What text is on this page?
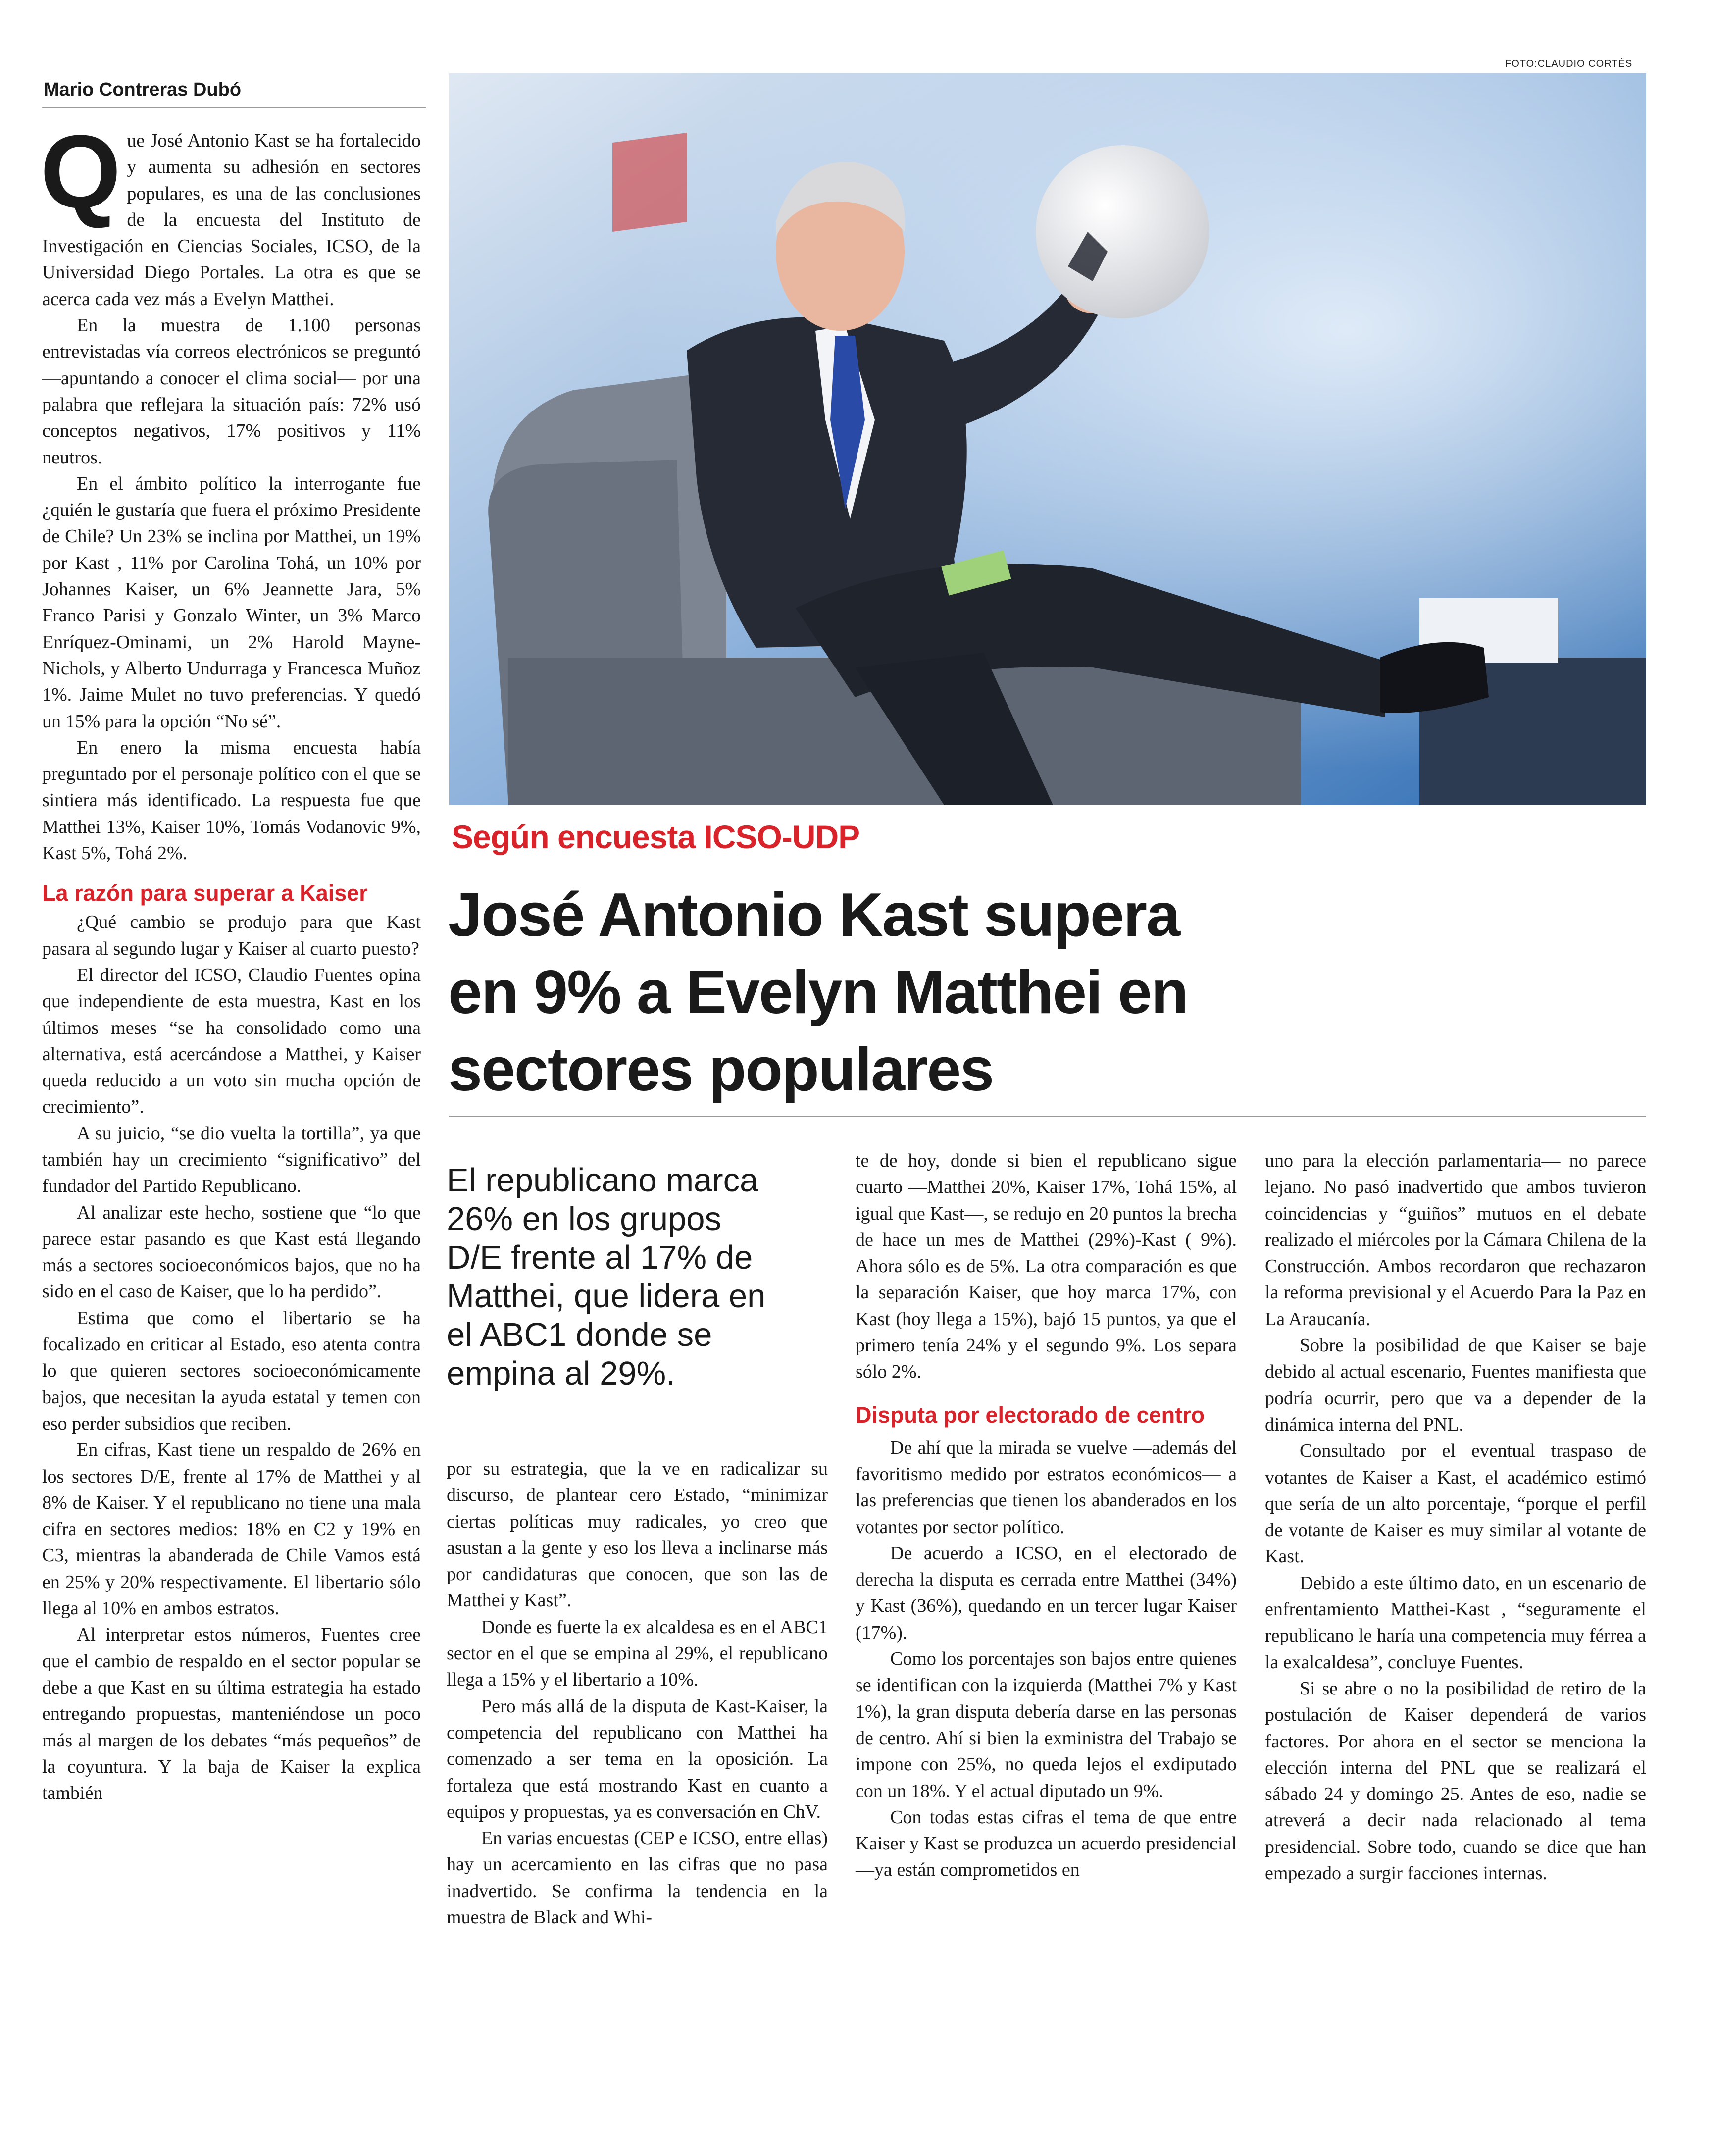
Mario Contreras Dubó
FOTO:CLAUDIO CORTÉS
Según encuesta ICSO-UDP
José Antonio Kast supera
en 9% a Evelyn Matthei en
sectores populares
El republicano marca 26% en los grupos D/E frente al 17% de Matthei, que lidera en el ABC1 donde se empina al 29%.

Que José Antonio Kast se ha fortalecido y aumenta su adhesión en sectores populares, es una de las conclusiones de la encuesta del Instituto de Investigación en Ciencias Sociales, ICSO, de la Universidad Diego Portales. La otra es que se acerca cada vez más a Evelyn Matthei.

En la muestra de 1.100 personas entrevistadas vía correos electrónicos se preguntó —apuntando a conocer el clima social— por una palabra que reflejara la situación país: 72% usó conceptos negativos, 17% positivos y 11% neutros.

En el ámbito político la interrogante fue ¿quién le gustaría que fuera el próximo Presidente de Chile? Un 23% se inclina por Matthei, un 19% por Kast , 11% por Carolina Tohá, un 10% por Johannes Kaiser, un 6% Jeannette Jara, 5% Franco Parisi y Gonzalo Winter, un 3% Marco Enríquez-Ominami, un 2% Harold Mayne-Nichols, y Alberto Undurraga y Francesca Muñoz 1%. Jaime Mulet no tuvo preferencias. Y quedó un 15% para la opción “No sé”.

En enero la misma encuesta había preguntado por el personaje político con el que se sintiera más identificado. La respuesta fue que Matthei 13%, Kaiser 10%, Tomás Vodanovic 9%, Kast 5%, Tohá 2%.

La razón para superar a Kaiser

¿Qué cambio se produjo para que Kast pasara al segundo lugar y Kaiser al cuarto puesto?

El director del ICSO, Claudio Fuentes opina que independiente de esta muestra, Kast en los últimos meses “se ha consolidado como una alternativa, está acercándose a Matthei, y Kaiser queda reducido a un voto sin mucha opción de crecimiento”.

A su juicio, “se dio vuelta la tortilla”, ya que también hay un crecimiento “significativo” del fundador del Partido Republicano.

Al analizar este hecho, sostiene que “lo que parece estar pasando es que Kast está llegando más a sectores socioeconómicos bajos, que no ha sido en el caso de Kaiser, que lo ha perdido”.

Estima que como el libertario se ha focalizado en criticar al Estado, eso atenta contra lo que quieren sectores socioeconómicamente bajos, que necesitan la ayuda estatal y temen con eso perder subsidios que reciben.

En cifras, Kast tiene un respaldo de 26% en los sectores D/E, frente al 17% de Matthei y al 8% de Kaiser. Y el republicano no tiene una mala cifra en sectores medios: 18% en C2 y 19% en C3, mientras la abanderada de Chile Vamos está en 25% y 20% respectivamente. El libertario sólo llega al 10% en ambos estratos.

Al interpretar estos números, Fuentes cree que el cambio de respaldo en el sector popular se debe a que Kast en su última estrategia ha estado entregando propuestas, manteniéndose un poco más al margen de los debates “más pequeños” de la coyuntura. Y la baja de Kaiser la explica también

por su estrategia, que la ve en radicalizar su discurso, de plantear cero Estado, “minimizar ciertas políticas muy radicales, yo creo que asustan a la gente y eso los lleva a inclinarse más por candidaturas que conocen, que son las de Matthei y Kast”.

Donde es fuerte la ex alcaldesa es en el ABC1 sector en el que se empina al 29%, el republicano llega a 15% y el libertario a 10%.

Pero más allá de la disputa de Kast-Kaiser, la competencia del republicano con Matthei ha comenzado a ser tema en la oposición. La fortaleza que está mostrando Kast en cuanto a equipos y propuestas, ya es conversación en ChV.

En varias encuestas (CEP e ICSO, entre ellas) hay un acercamiento en las cifras que no pasa inadvertido. Se confirma la tendencia en la muestra de Black and Whi-

te de hoy, donde si bien el republicano sigue cuarto —Matthei 20%, Kaiser 17%, Tohá 15%, al igual que Kast—, se redujo en 20 puntos la brecha de hace un mes de Matthei (29%)-Kast ( 9%). Ahora sólo es de 5%. La otra comparación es que la separación Kaiser, que hoy marca 17%, con Kast (hoy llega a 15%), bajó 15 puntos, ya que el primero tenía 24% y el segundo 9%. Los separa sólo 2%.

Disputa por electorado de centro

De ahí que la mirada se vuelve —además del favoritismo medido por estratos económicos— a las preferencias que tienen los abanderados en los votantes por sector político.

De acuerdo a ICSO, en el electorado de derecha la disputa es cerrada entre Matthei (34%) y Kast (36%), quedando en un tercer lugar Kaiser (17%).

Como los porcentajes son bajos entre quienes se identifican con la izquierda (Matthei 7% y Kast 1%), la gran disputa debería darse en las personas de centro. Ahí si bien la exministra del Trabajo se impone con 25%, no queda lejos el exdiputado con un 18%. Y el actual diputado un 9%.

Con todas estas cifras el tema de que entre Kaiser y Kast se produzca un acuerdo presidencial —ya están comprometidos en

uno para la elección parlamentaria— no parece lejano. No pasó inadvertido que ambos tuvieron coincidencias y “guiños” mutuos en el debate realizado el miércoles por la Cámara Chilena de la Construcción. Ambos recordaron que rechazaron la reforma previsional y el Acuerdo Para la Paz en La Araucanía.

Sobre la posibilidad de que Kaiser se baje debido al actual escenario, Fuentes manifiesta que podría ocurrir, pero que va a depender de la dinámica interna del PNL.

Consultado por el eventual traspaso de votantes de Kaiser a Kast, el académico estimó que sería de un alto porcentaje, “porque el perfil de votante de Kaiser es muy similar al votante de Kast.

Debido a este último dato, en un escenario de enfrentamiento Matthei-Kast , “seguramente el republicano le haría una competencia muy férrea a la exalcaldesa”, concluye Fuentes.

Si se abre o no la posibilidad de retiro de la postulación de Kaiser dependerá de varios factores. Por ahora en el sector se menciona la elección interna del PNL que se realizará el sábado 24 y domingo 25. Antes de eso, nadie se atreverá a decir nada relacionado al tema presidencial. Sobre todo, cuando se dice que han empezado a surgir facciones internas.
